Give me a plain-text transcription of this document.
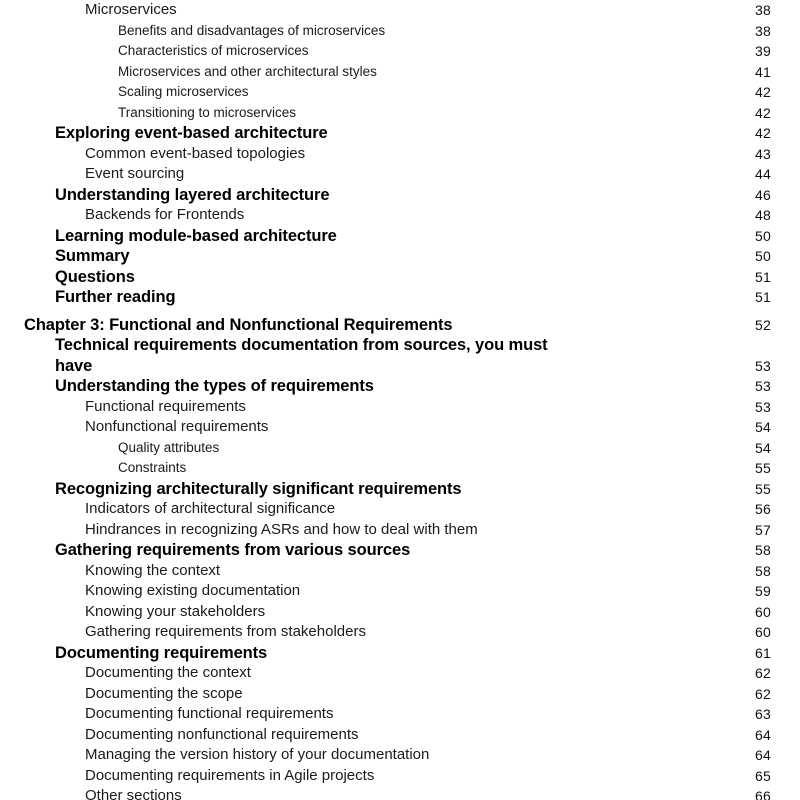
Microservices	38
Benefits and disadvantages of microservices	38
Characteristics of microservices	39
Microservices and other architectural styles	41
Scaling microservices	42
Transitioning to microservices	42
Exploring event-based architecture	42
Common event-based topologies	43
Event sourcing	44
Understanding layered architecture	46
Backends for Frontends	48
Learning module-based architecture	50
Summary	50
Questions	51
Further reading	51
Chapter 3: Functional and Nonfunctional Requirements	52
Technical requirements documentation from sources, you must
have	53
Understanding the types of requirements	53
Functional requirements	53
Nonfunctional requirements	54
Quality attributes	54
Constraints	55
Recognizing architecturally significant requirements	55
Indicators of architectural significance	56
Hindrances in recognizing ASRs and how to deal with them	57
Gathering requirements from various sources	58
Knowing the context	58
Knowing existing documentation	59
Knowing your stakeholders	60
Gathering requirements from stakeholders	60
Documenting requirements	61
Documenting the context	62
Documenting the scope	62
Documenting functional requirements	63
Documenting nonfunctional requirements	64
Managing the version history of your documentation	64
Documenting requirements in Agile projects	65
Other sections	66
